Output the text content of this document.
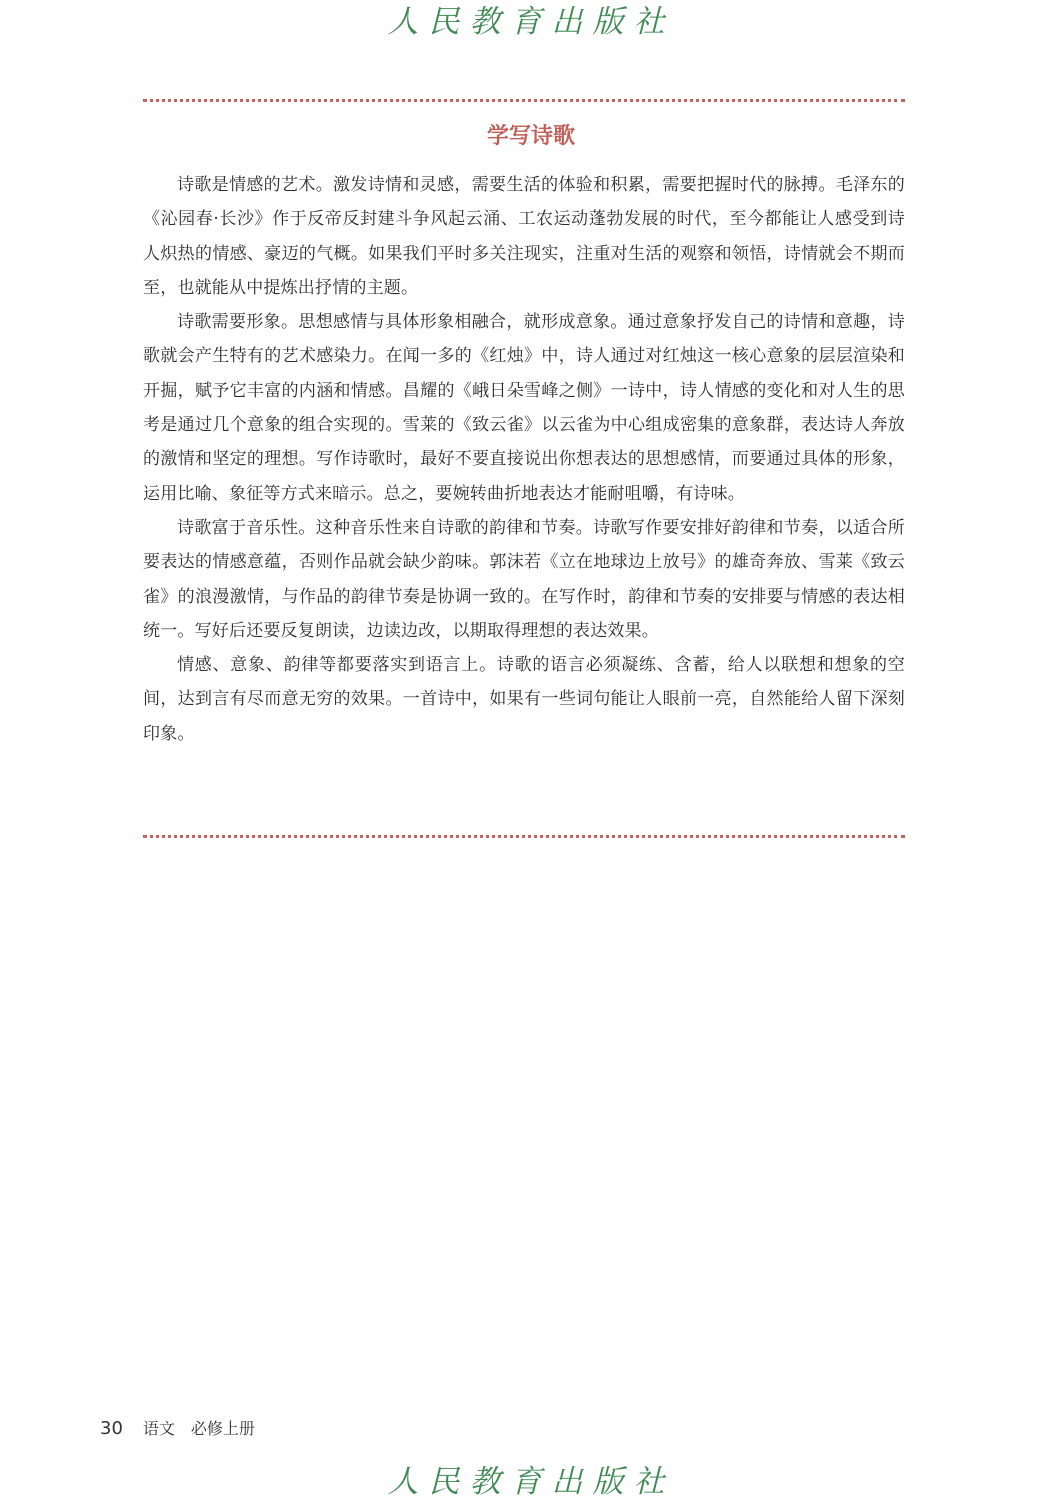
人民教育出版社
学写诗歌

诗歌是情感的艺术。激发诗情和灵感，需要生活的体验和积累，需要把握时代的脉搏。毛泽东的《沁园春·长沙》作于反帝反封建斗争风起云涌、工农运动蓬勃发展的时代，至今都能让人感受到诗人炽热的情感、豪迈的气概。如果我们平时多关注现实，注重对生活的观察和领悟，诗情就会不期而至，也就能从中提炼出抒情的主题。

诗歌需要形象。思想感情与具体形象相融合，就形成意象。通过意象抒发自己的诗情和意趣，诗歌就会产生特有的艺术感染力。在闻一多的《红烛》中，诗人通过对红烛这一核心意象的层层渲染和开掘，赋予它丰富的内涵和情感。昌耀的《峨日朵雪峰之侧》一诗中，诗人情感的变化和对人生的思考是通过几个意象的组合实现的。雪莱的《致云雀》以云雀为中心组成密集的意象群，表达诗人奔放的激情和坚定的理想。写作诗歌时，最好不要直接说出你想表达的思想感情，而要通过具体的形象，运用比喻、象征等方式来暗示。总之，要婉转曲折地表达才能耐咀嚼，有诗味。

诗歌富于音乐性。这种音乐性来自诗歌的韵律和节奏。诗歌写作要安排好韵律和节奏，以适合所要表达的情感意蕴，否则作品就会缺少韵味。郭沫若《立在地球边上放号》的雄奇奔放、雪莱《致云雀》的浪漫激情，与作品的韵律节奏是协调一致的。在写作时，韵律和节奏的安排要与情感的表达相统一。写好后还要反复朗读，边读边改，以期取得理想的表达效果。

情感、意象、韵律等都要落实到语言上。诗歌的语言必须凝练、含蓄，给人以联想和想象的空间，达到言有尽而意无穷的效果。一首诗中，如果有一些词句能让人眼前一亮，自然能给人留下深刻印象。

30 语文 必修上册
人民教育出版社
